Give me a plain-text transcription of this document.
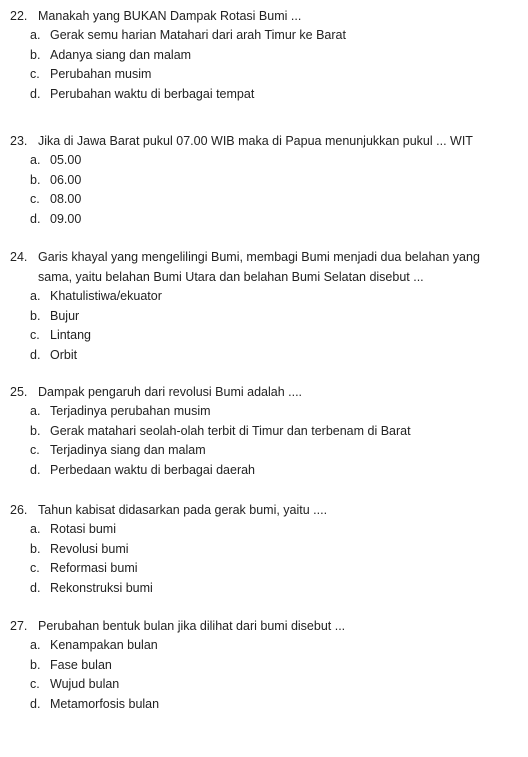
22. Manakah yang BUKAN Dampak Rotasi Bumi ...
a. Gerak semu harian Matahari dari arah Timur ke Barat
b. Adanya siang dan malam
c. Perubahan musim
d. Perubahan waktu di berbagai tempat
23. Jika di Jawa Barat pukul 07.00 WIB maka di Papua menunjukkan pukul ... WIT
a. 05.00
b. 06.00
c. 08.00
d. 09.00
24. Garis khayal yang mengelilingi Bumi, membagi Bumi menjadi dua belahan yang sama, yaitu belahan Bumi Utara dan belahan Bumi Selatan disebut ...
a. Khatulistiwa/ekuator
b. Bujur
c. Lintang
d. Orbit
25. Dampak pengaruh dari revolusi Bumi adalah ....
a. Terjadinya perubahan musim
b. Gerak matahari seolah-olah terbit di Timur dan terbenam di Barat
c. Terjadinya siang dan malam
d. Perbedaan waktu di berbagai daerah
26. Tahun kabisat didasarkan pada gerak bumi, yaitu ....
a. Rotasi bumi
b. Revolusi bumi
c. Reformasi bumi
d. Rekonstruksi bumi
27. Perubahan bentuk bulan jika dilihat dari bumi disebut ...
a. Kenampakan bulan
b. Fase bulan
c. Wujud bulan
d. Metamorfosis bulan
